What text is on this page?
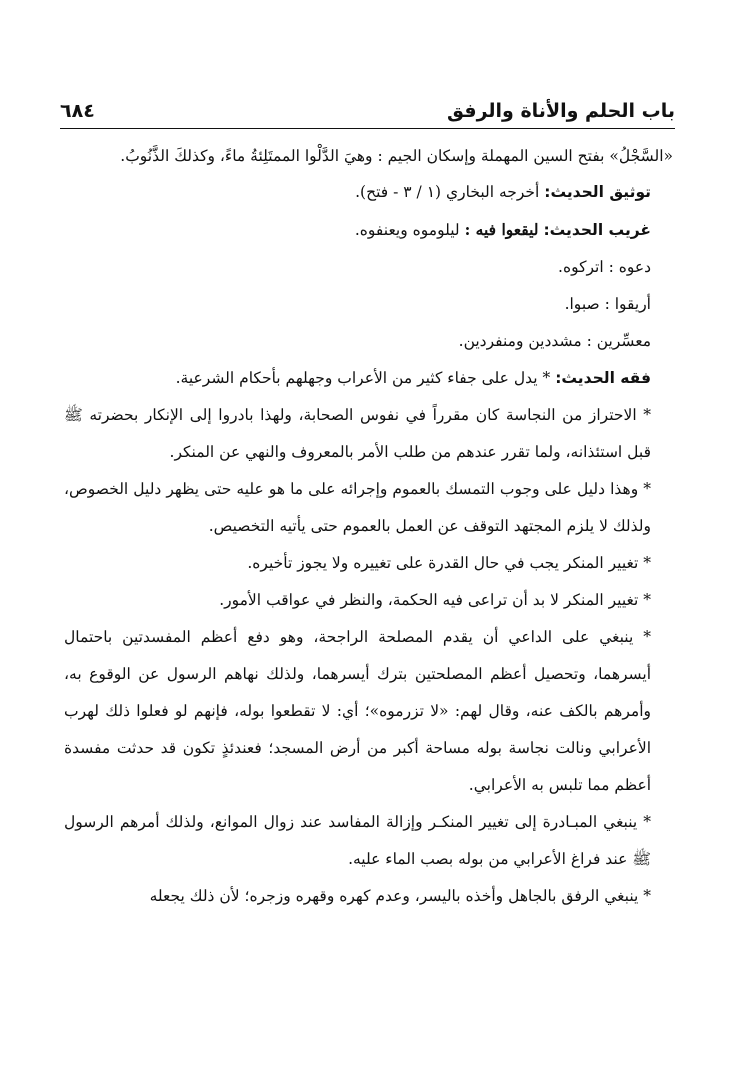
باب الحلم والأناة والرفق
٦٨٤

«السَّجْلُ» بفتح السين المهملة وإسكان الجيم : وهيَ الدَّلْوا الممتَلِئةُ ماءً، وكذلكَ الذَّنُوبُ.

توثيق الحديث: أخرجه البخاري (١ / ٣ - فتح).

غريب الحديث: ليقعوا فيه : ليلوموه ويعنفوه.

دعوه : اتركوه.

أريقوا : صبوا.

معسِّرين : مشددين ومنفردين.

فقه الحديث: * يدل على جفاء كثير من الأعراب وجهلهم بأحكام الشرعية.

* الاحتراز من النجاسة كان مقرراً في نفوس الصحابة، ولهذا بادروا إلى الإنكار بحضرته ﷺ قبل استئذانه، ولما تقرر عندهم من طلب الأمر بالمعروف والنهي عن المنكر.

* وهذا دليل على وجوب التمسك بالعموم وإجرائه على ما هو عليه حتى يظهر دليل الخصوص، ولذلك لا يلزم المجتهد التوقف عن العمل بالعموم حتى يأتيه التخصيص.

* تغيير المنكر يجب في حال القدرة على تغييره ولا يجوز تأخيره.

* تغيير المنكر لا بد أن تراعى فيه الحكمة، والنظر في عواقب الأمور.

* ينبغي على الداعي أن يقدم المصلحة الراجحة، وهو دفع أعظم المفسدتين باحتمال أيسرهما، وتحصيل أعظم المصلحتين بترك أيسرهما، ولذلك نهاهم الرسول عن الوقوع به، وأمرهم بالكف عنه، وقال لهم: «لا تزرموه»؛ أي: لا تقطعوا بوله، فإنهم لو فعلوا ذلك لهرب الأعرابي ونالت نجاسة بوله مساحة أكبر من أرض المسجد؛ فعندئذٍ تكون قد حدثت مفسدة أعظم مما تلبس به الأعرابي.

* ينبغي المبـادرة إلى تغيير المنكـر وإزالة المفاسد عند زوال الموانع، ولذلك أمرهم الرسول ﷺ عند فراغ الأعرابي من بوله بصب الماء عليه.

* ينبغي الرفق بالجاهل وأخذه باليسر، وعدم كهره وقهره وزجره؛ لأن ذلك يجعله
